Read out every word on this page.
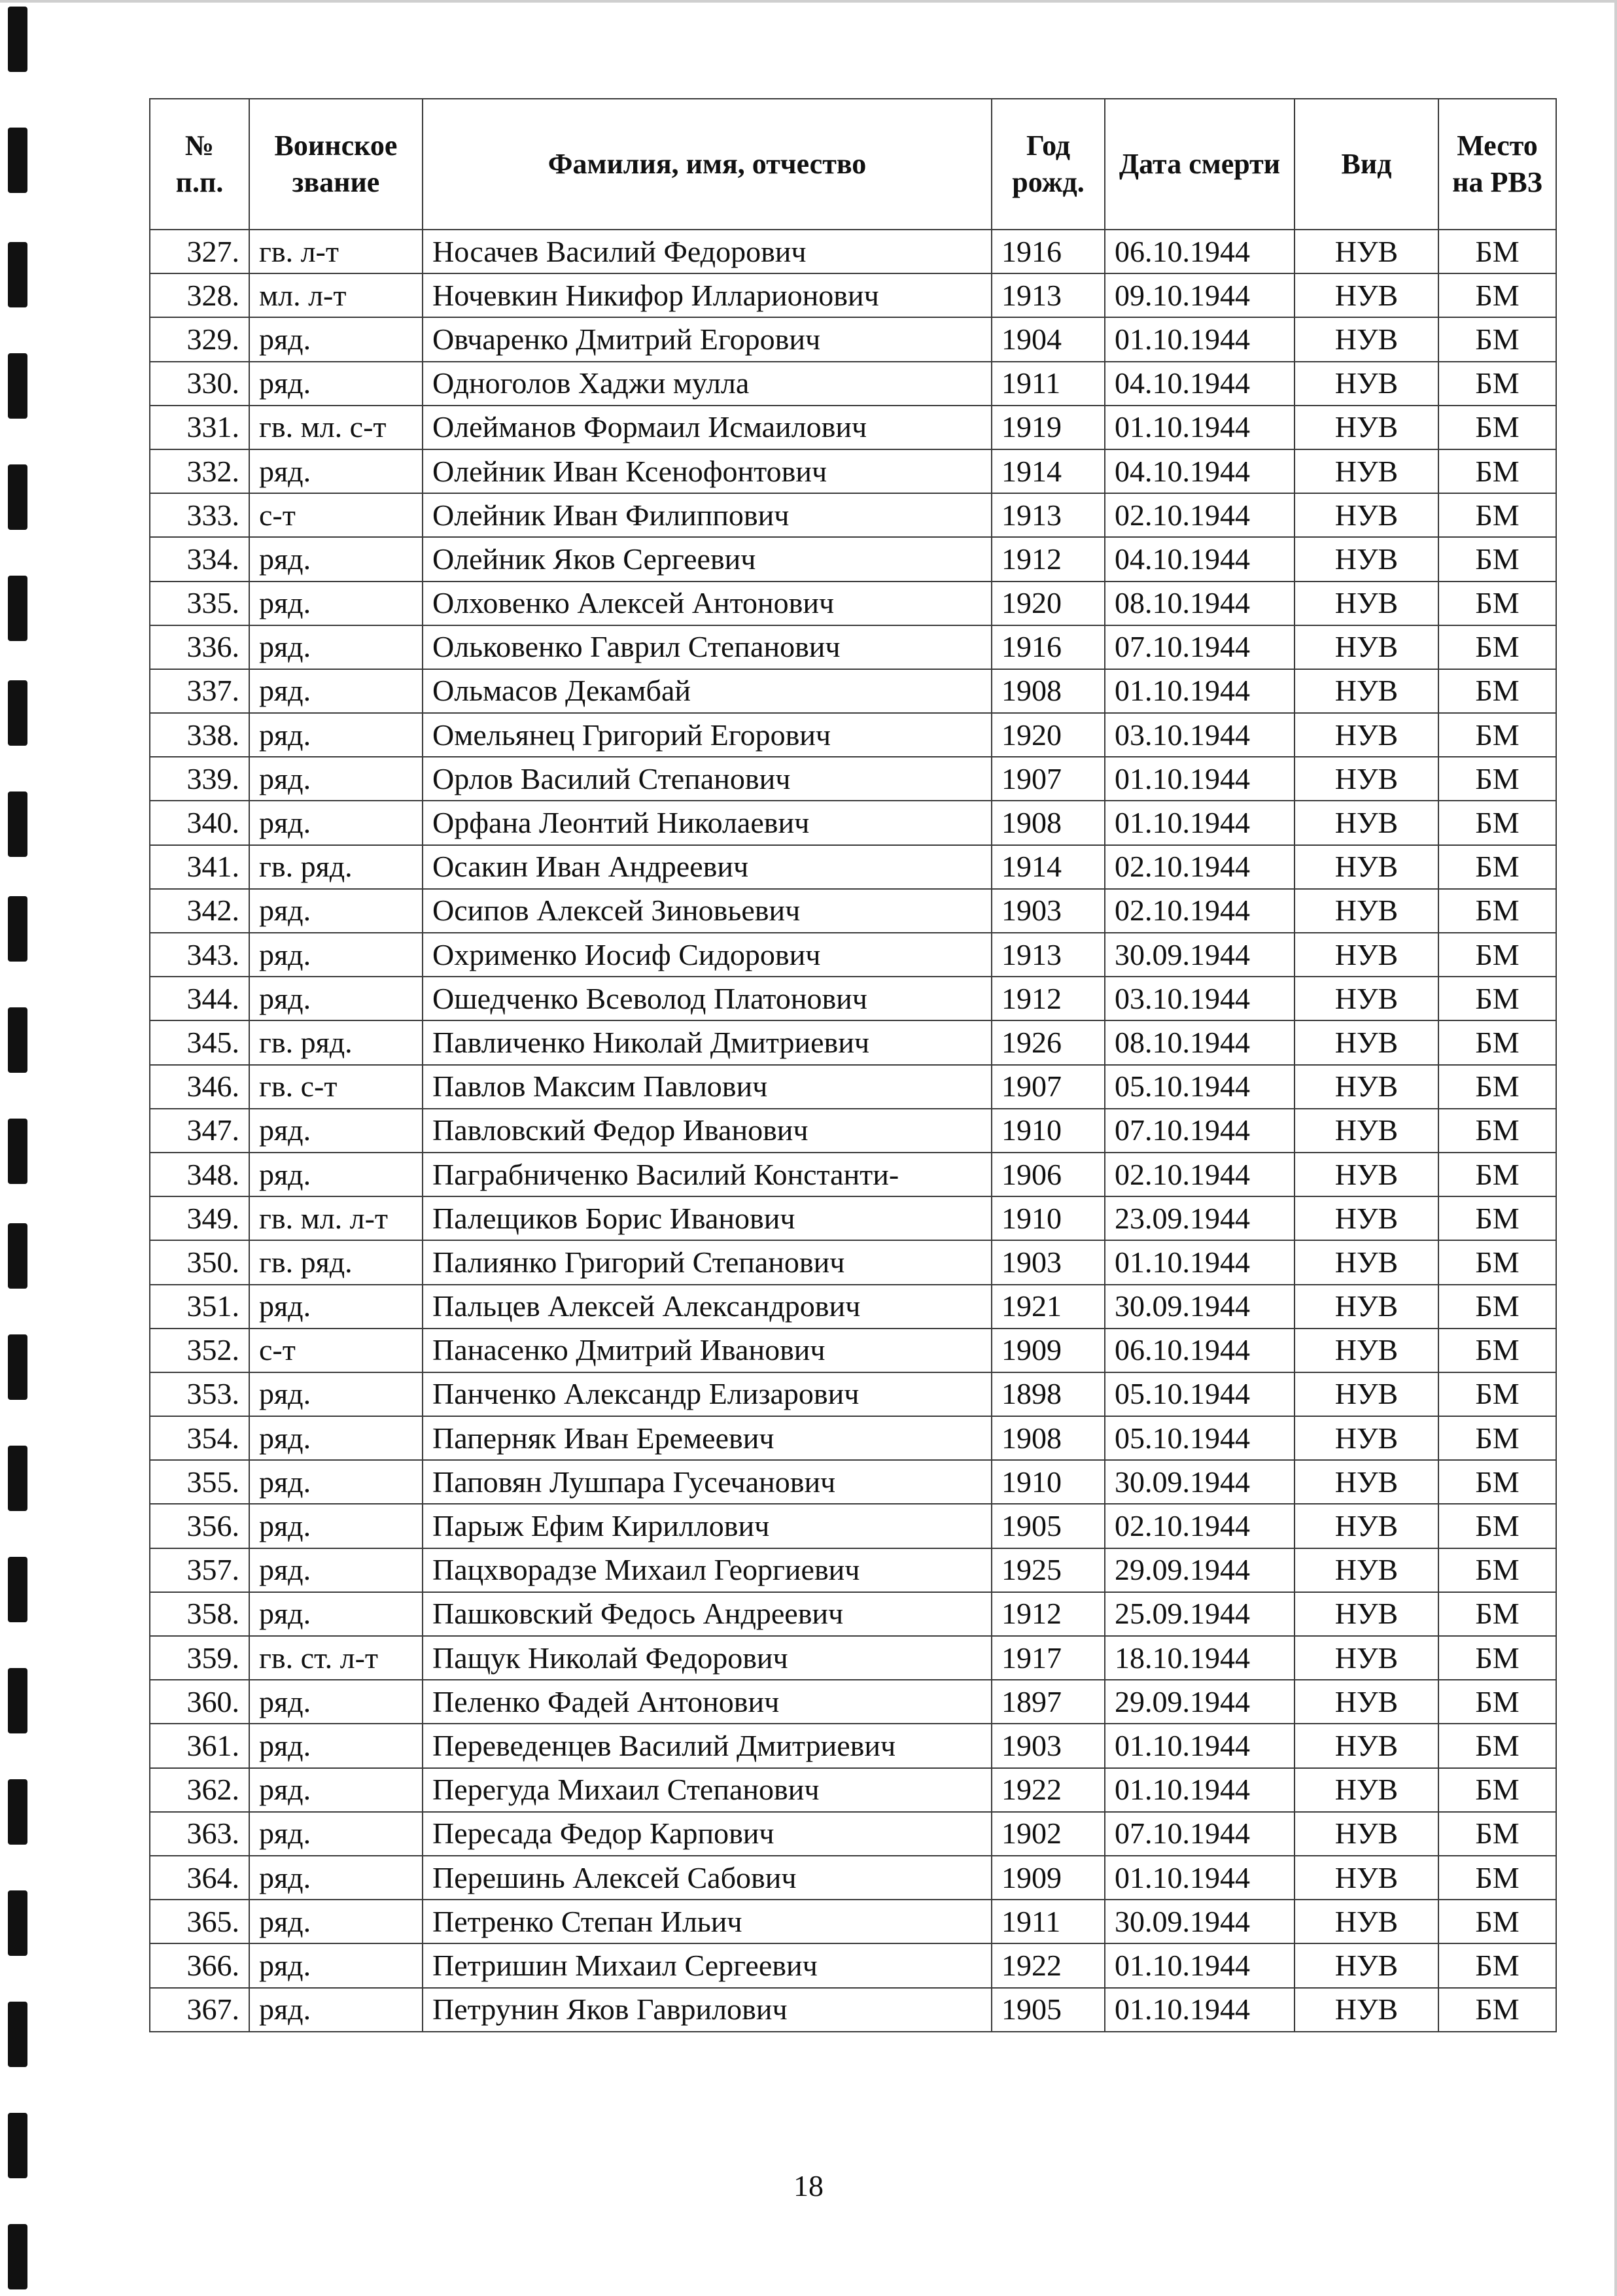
№ п.п.	Воинское звание	Фамилия, имя, отчество	Год рожд.	Дата смерти	Вид	Место на РВЗ
327.	гв. л-т	Носачев Василий Федорович	1916	06.10.1944	НУВ	БМ
328.	мл. л-т	Ночевкин Никифор Илларионович	1913	09.10.1944	НУВ	БМ
329.	ряд.	Овчаренко Дмитрий Егорович	1904	01.10.1944	НУВ	БМ
330.	ряд.	Одноголов Хаджи мулла	1911	04.10.1944	НУВ	БМ
331.	гв. мл. с-т	Олейманов Формаил Исмаилович	1919	01.10.1944	НУВ	БМ
332.	ряд.	Олейник Иван Ксенофонтович	1914	04.10.1944	НУВ	БМ
333.	с-т	Олейник Иван Филиппович	1913	02.10.1944	НУВ	БМ
334.	ряд.	Олейник Яков Сергеевич	1912	04.10.1944	НУВ	БМ
335.	ряд.	Олховенко Алексей Антонович	1920	08.10.1944	НУВ	БМ
336.	ряд.	Ольковенко Гаврил Степанович	1916	07.10.1944	НУВ	БМ
337.	ряд.	Ольмасов Декамбай	1908	01.10.1944	НУВ	БМ
338.	ряд.	Омельянец Григорий Егорович	1920	03.10.1944	НУВ	БМ
339.	ряд.	Орлов Василий Степанович	1907	01.10.1944	НУВ	БМ
340.	ряд.	Орфана Леонтий Николаевич	1908	01.10.1944	НУВ	БМ
341.	гв. ряд.	Осакин Иван Андреевич	1914	02.10.1944	НУВ	БМ
342.	ряд.	Осипов Алексей Зиновьевич	1903	02.10.1944	НУВ	БМ
343.	ряд.	Охрименко Иосиф Сидорович	1913	30.09.1944	НУВ	БМ
344.	ряд.	Ошедченко Всеволод Платонович	1912	03.10.1944	НУВ	БМ
345.	гв. ряд.	Павличенко Николай Дмитриевич	1926	08.10.1944	НУВ	БМ
346.	гв. с-т	Павлов Максим Павлович	1907	05.10.1944	НУВ	БМ
347.	ряд.	Павловский Федор Иванович	1910	07.10.1944	НУВ	БМ
348.	ряд.	Паграбниченко Василий Константи-	1906	02.10.1944	НУВ	БМ
349.	гв. мл. л-т	Палещиков Борис Иванович	1910	23.09.1944	НУВ	БМ
350.	гв. ряд.	Палиянко Григорий Степанович	1903	01.10.1944	НУВ	БМ
351.	ряд.	Пальцев Алексей Александрович	1921	30.09.1944	НУВ	БМ
352.	с-т	Панасенко Дмитрий Иванович	1909	06.10.1944	НУВ	БМ
353.	ряд.	Панченко Александр Елизарович	1898	05.10.1944	НУВ	БМ
354.	ряд.	Паперняк Иван Еремеевич	1908	05.10.1944	НУВ	БМ
355.	ряд.	Паповян Лушпара Гусечанович	1910	30.09.1944	НУВ	БМ
356.	ряд.	Парыж Ефим Кириллович	1905	02.10.1944	НУВ	БМ
357.	ряд.	Пацхворадзе Михаил Георгиевич	1925	29.09.1944	НУВ	БМ
358.	ряд.	Пашковский Федось Андреевич	1912	25.09.1944	НУВ	БМ
359.	гв. ст. л-т	Пащук Николай Федорович	1917	18.10.1944	НУВ	БМ
360.	ряд.	Пеленко Фадей Антонович	1897	29.09.1944	НУВ	БМ
361.	ряд.	Переведенцев Василий Дмитриевич	1903	01.10.1944	НУВ	БМ
362.	ряд.	Перегуда Михаил Степанович	1922	01.10.1944	НУВ	БМ
363.	ряд.	Пересада Федор Карпович	1902	07.10.1944	НУВ	БМ
364.	ряд.	Перешинь Алексей Сабович	1909	01.10.1944	НУВ	БМ
365.	ряд.	Петренко Степан Ильич	1911	30.09.1944	НУВ	БМ
366.	ряд.	Петришин Михаил Сергеевич	1922	01.10.1944	НУВ	БМ
367.	ряд.	Петрунин Яков Гаврилович	1905	01.10.1944	НУВ	БМ
18
